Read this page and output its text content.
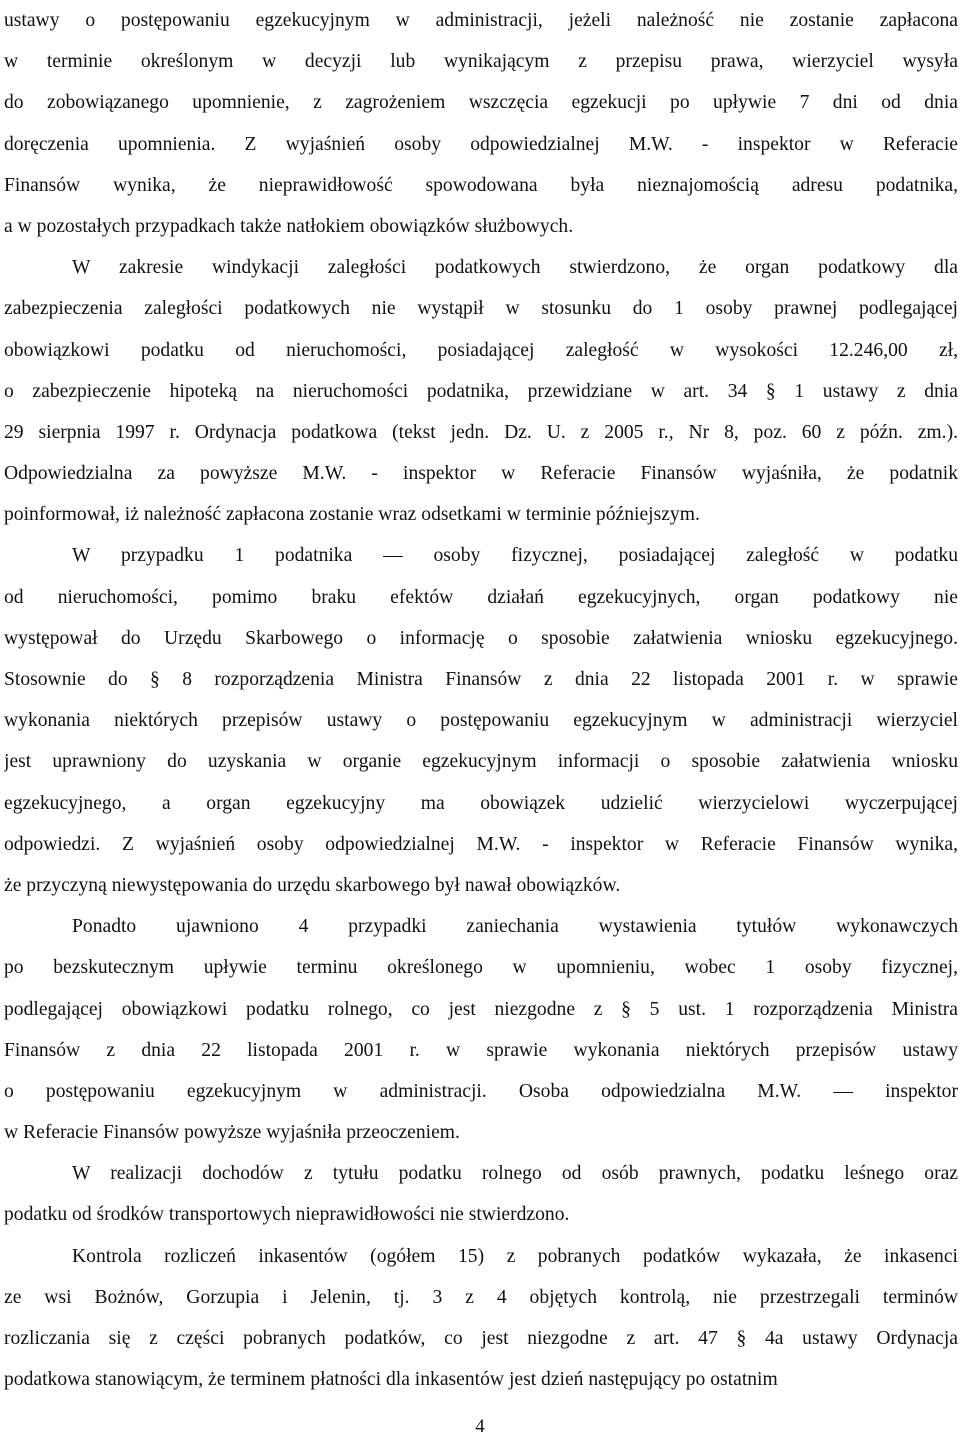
ustawy o postępowaniu egzekucyjnym w administracji, jeżeli należność nie zostanie zapłacona
w terminie określonym w decyzji lub wynikającym z przepisu prawa, wierzyciel wysyła
do zobowiązanego upomnienie, z zagrożeniem wszczęcia egzekucji po upływie 7 dni od dnia
doręczenia upomnienia. Z wyjaśnień osoby odpowiedzialnej M.W. - inspektor w Referacie
Finansów wynika, że nieprawidłowość spowodowana była nieznajomością adresu podatnika,
a w pozostałych przypadkach także natłokiem obowiązków służbowych.
W zakresie windykacji zaległości podatkowych stwierdzono, że organ podatkowy dla
zabezpieczenia zaległości podatkowych nie wystąpił w stosunku do 1 osoby prawnej podlegającej
obowiązkowi podatku od nieruchomości, posiadającej zaległość w wysokości 12.246,00 zł,
o zabezpieczenie hipoteką na nieruchomości podatnika, przewidziane w art. 34 § 1 ustawy z dnia
29 sierpnia 1997 r. Ordynacja podatkowa (tekst jedn. Dz. U. z 2005 r., Nr 8, poz. 60 z późn. zm.).
Odpowiedzialna za powyższe M.W. - inspektor w Referacie Finansów wyjaśniła, że podatnik
poinformował, iż należność zapłacona zostanie wraz odsetkami w terminie późniejszym.
W przypadku 1 podatnika — osoby fizycznej, posiadającej zaległość w podatku
od nieruchomości, pomimo braku efektów działań egzekucyjnych, organ podatkowy nie
występował do Urzędu Skarbowego o informację o sposobie załatwienia wniosku egzekucyjnego.
Stosownie do § 8 rozporządzenia Ministra Finansów z dnia 22 listopada 2001 r. w sprawie
wykonania niektórych przepisów ustawy o postępowaniu egzekucyjnym w administracji wierzyciel
jest uprawniony do uzyskania w organie egzekucyjnym informacji o sposobie załatwienia wniosku
egzekucyjnego, a organ egzekucyjny ma obowiązek udzielić wierzycielowi wyczerpującej
odpowiedzi. Z wyjaśnień osoby odpowiedzialnej M.W. - inspektor w Referacie Finansów wynika,
że przyczyną niewystępowania do urzędu skarbowego był nawał obowiązków.
Ponadto ujawniono 4 przypadki zaniechania wystawienia tytułów wykonawczych
po bezskutecznym upływie terminu określonego w upomnieniu, wobec 1 osoby fizycznej,
podlegającej obowiązkowi podatku rolnego, co jest niezgodne z § 5 ust. 1 rozporządzenia Ministra
Finansów z dnia 22 listopada 2001 r. w sprawie wykonania niektórych przepisów ustawy
o postępowaniu egzekucyjnym w administracji. Osoba odpowiedzialna M.W. — inspektor
w Referacie Finansów powyższe wyjaśniła przeoczeniem.
W realizacji dochodów z tytułu podatku rolnego od osób prawnych, podatku leśnego oraz
podatku od środków transportowych nieprawidłowości nie stwierdzono.
Kontrola rozliczeń inkasentów (ogółem 15) z pobranych podatków wykazała, że inkasenci
ze wsi Bożnów, Gorzupia i Jelenin, tj. 3 z 4 objętych kontrolą, nie przestrzegali terminów
rozliczania się z części pobranych podatków, co jest niezgodne z art. 47 § 4a ustawy Ordynacja
podatkowa stanowiącym, że terminem płatności dla inkasentów jest dzień następujący po ostatnim
4
